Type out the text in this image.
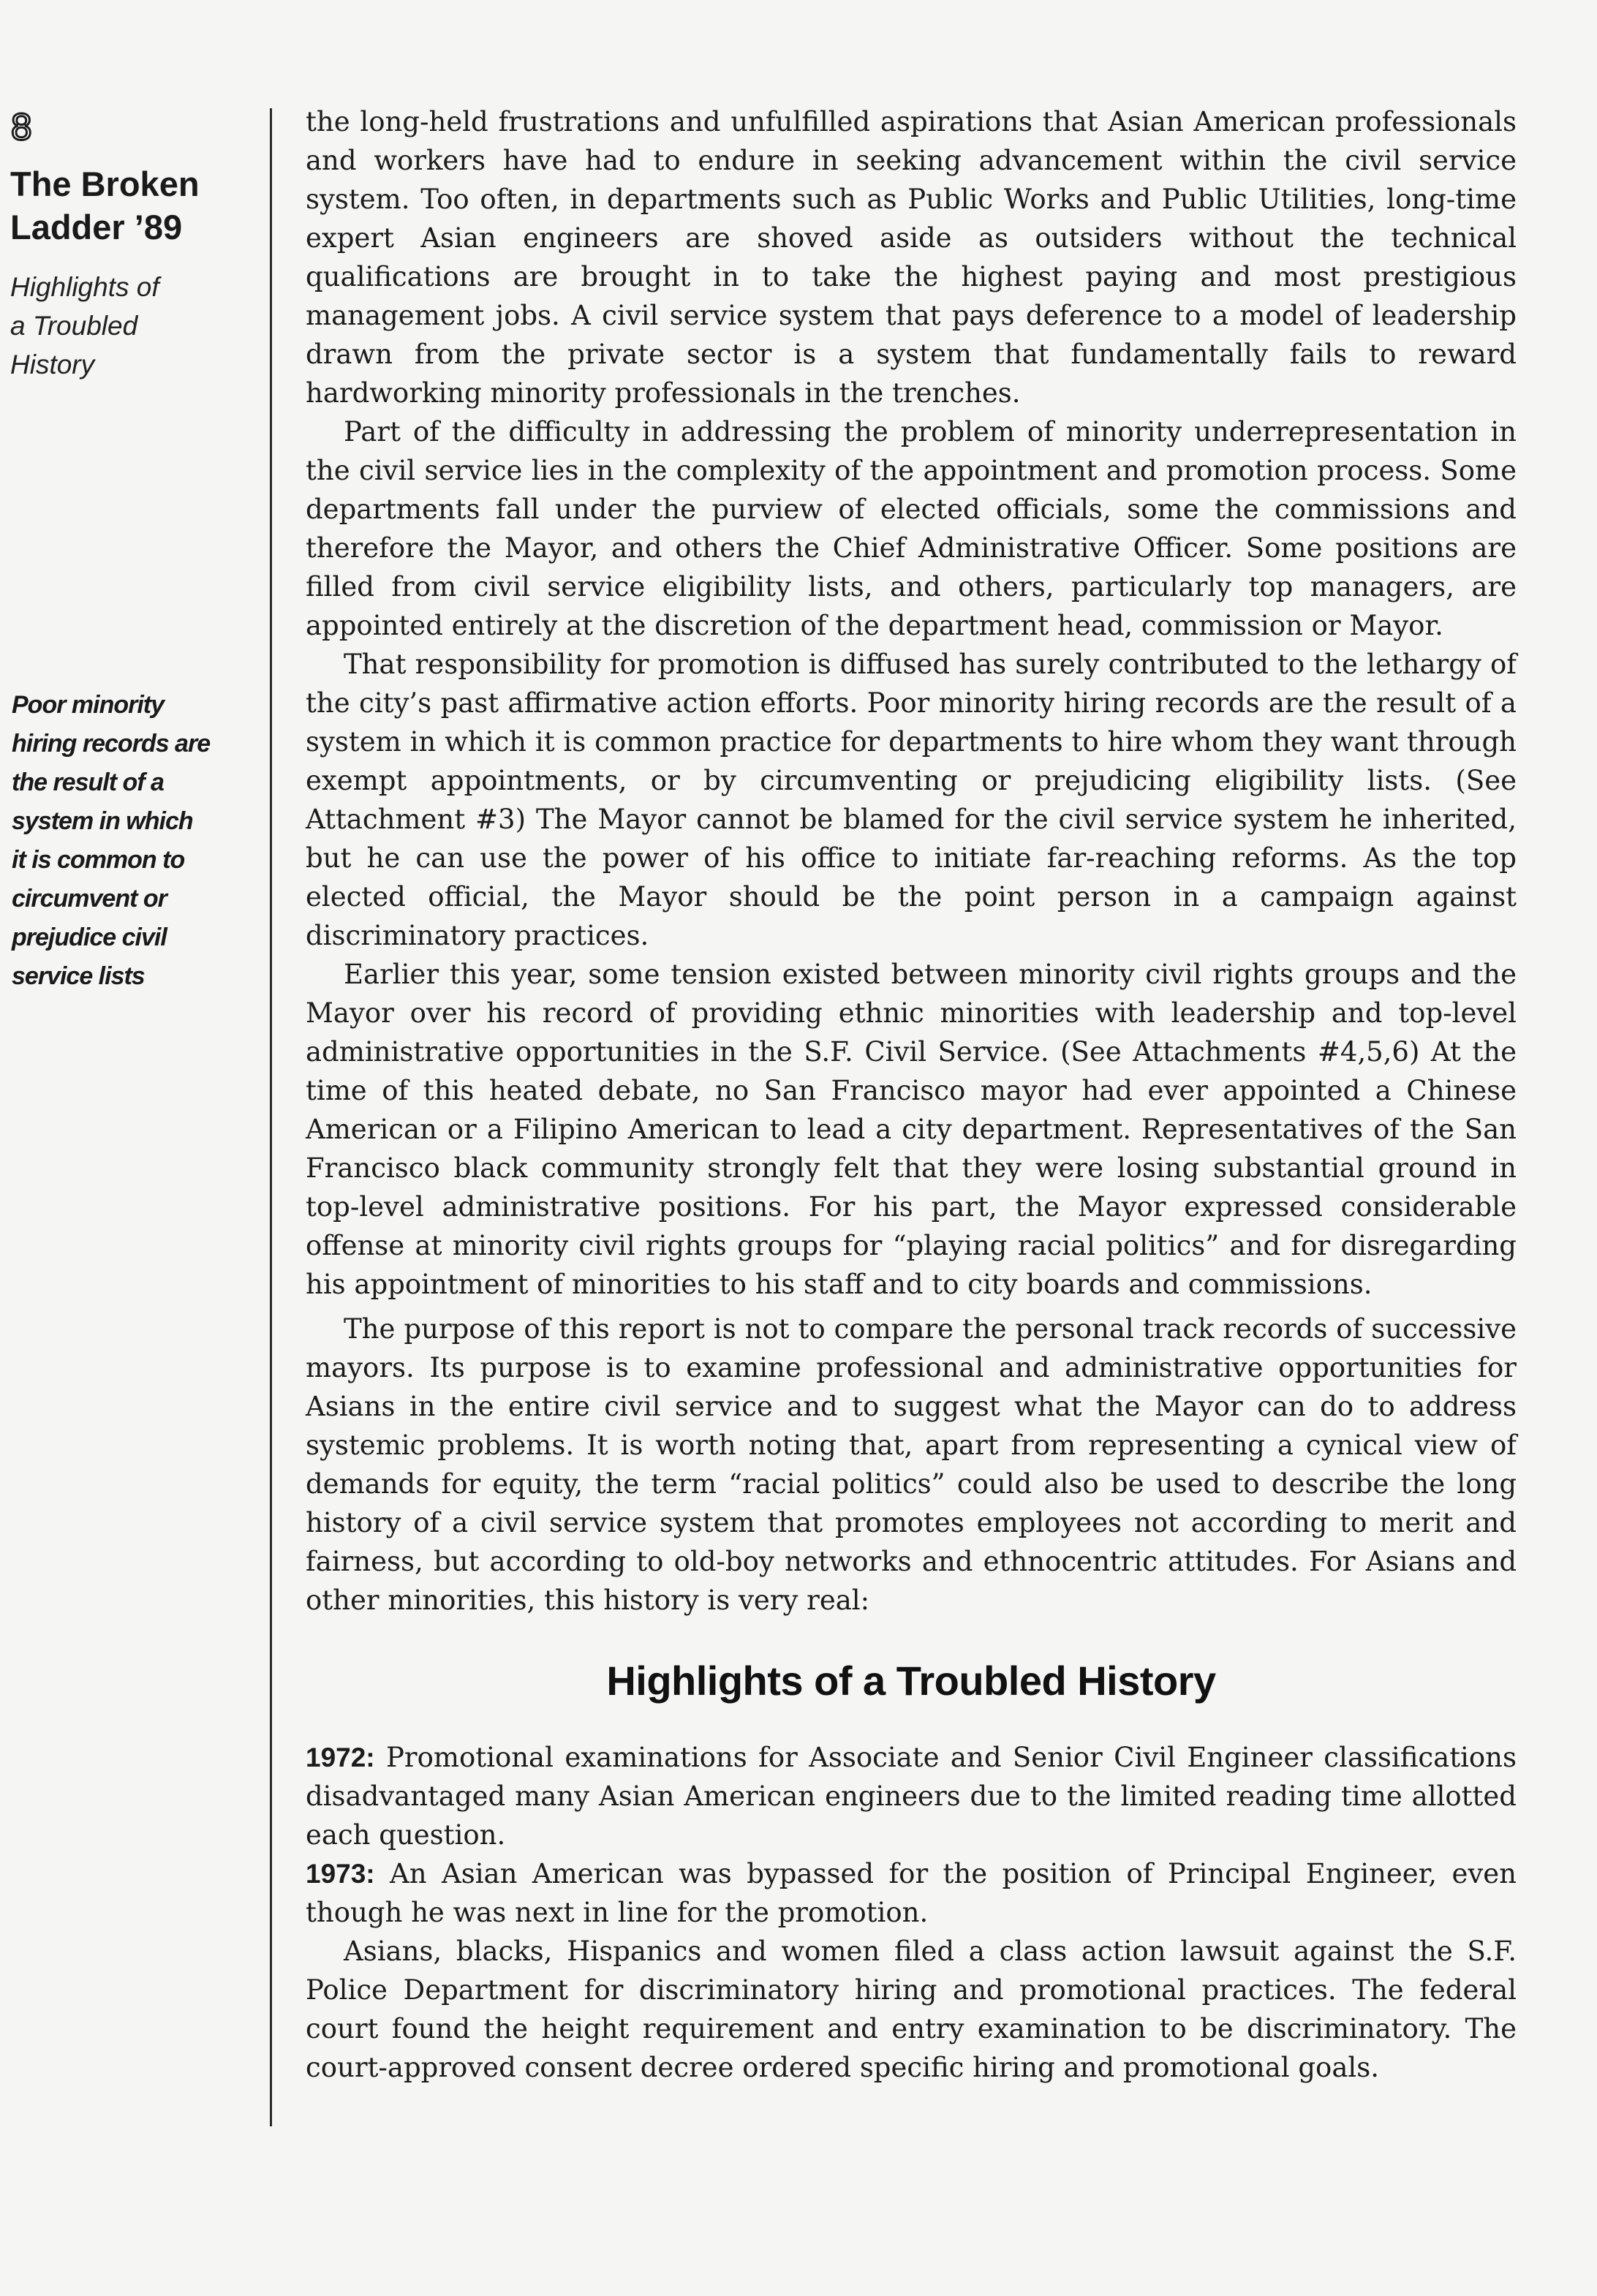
8
The Broken
Ladder ’89
Highlights of
a Troubled
History
Poor minority
hiring records are
the result of a
system in which
it is common to
circumvent or
prejudice civil
service lists

the long-held frustrations and unfulfilled aspirations that Asian American professionals and workers have had to endure in seeking advancement within the civil service system. Too often, in departments such as Public Works and Public Utilities, long-time expert Asian engineers are shoved aside as outsiders without the technical qualifications are brought in to take the highest paying and most prestigious management jobs. A civil service system that pays deference to a model of leadership drawn from the private sector is a system that fundamentally fails to reward hardworking minority professionals in the trenches.

Part of the difficulty in addressing the problem of minority underrepresentation in the civil service lies in the complexity of the appointment and promotion process. Some departments fall under the purview of elected officials, some the commissions and therefore the Mayor, and others the Chief Administrative Officer. Some positions are filled from civil service eligibility lists, and others, particularly top managers, are appointed entirely at the discretion of the department head, commission or Mayor.

That responsibility for promotion is diffused has surely contributed to the lethargy of the city’s past affirmative action efforts. Poor minority hiring records are the result of a system in which it is common practice for departments to hire whom they want through exempt appointments, or by circumventing or prejudicing eligibility lists. (See Attachment #3) The Mayor cannot be blamed for the civil service system he inherited, but he can use the power of his office to initiate far-reaching reforms. As the top elected official, the Mayor should be the point person in a campaign against discriminatory practices.

Earlier this year, some tension existed between minority civil rights groups and the Mayor over his record of providing ethnic minorities with leadership and top-level administrative opportunities in the S.F. Civil Service. (See Attachments #4,5,6) At the time of this heated debate, no San Francisco mayor had ever appointed a Chinese American or a Filipino American to lead a city department. Representatives of the San Francisco black community strongly felt that they were losing substantial ground in top-level administrative positions. For his part, the Mayor expressed considerable offense at minority civil rights groups for “playing racial politics” and for disregarding his appointment of minorities to his staff and to city boards and commissions.

The purpose of this report is not to compare the personal track records of successive mayors. Its purpose is to examine professional and administrative opportunities for Asians in the entire civil service and to suggest what the Mayor can do to address systemic problems. It is worth noting that, apart from representing a cynical view of demands for equity, the term “racial politics” could also be used to describe the long history of a civil service system that promotes employees not according to merit and fairness, but according to old-boy networks and ethnocentric attitudes. For Asians and other minorities, this history is very real:

Highlights of a Troubled History

1972: Promotional examinations for Associate and Senior Civil Engineer classifications disadvantaged many Asian American engineers due to the limited reading time allotted each question.

1973: An Asian American was bypassed for the position of Principal Engineer, even though he was next in line for the promotion.

Asians, blacks, Hispanics and women filed a class action lawsuit against the S.F. Police Department for discriminatory hiring and promotional practices. The federal court found the height requirement and entry examination to be discriminatory. The court-approved consent decree ordered specific hiring and promotional goals.
